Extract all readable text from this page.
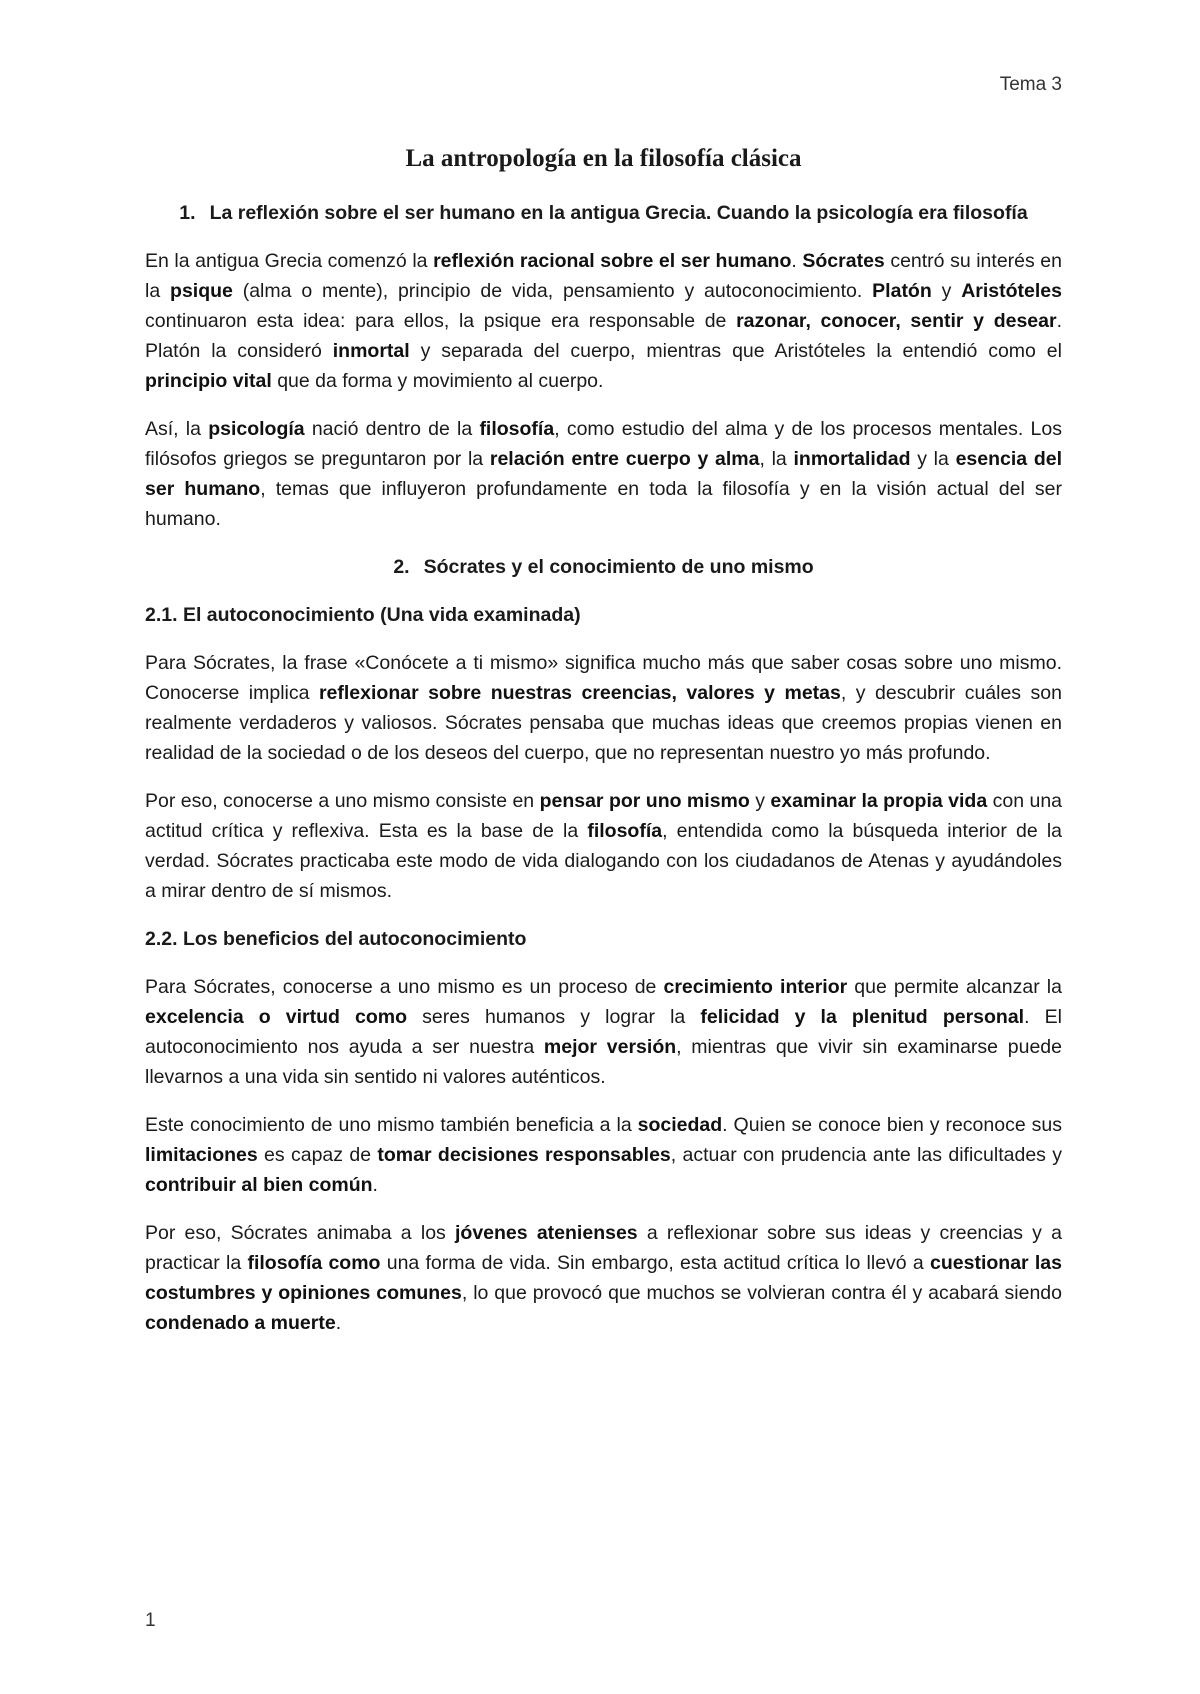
Tema 3
La antropología en la filosofía clásica
1. La reflexión sobre el ser humano en la antigua Grecia. Cuando la psicología era filosofía

En la antigua Grecia comenzó la reflexión racional sobre el ser humano. Sócrates centró su interés en la psique (alma o mente), principio de vida, pensamiento y autoconocimiento. Platón y Aristóteles continuaron esta idea: para ellos, la psique era responsable de razonar, conocer, sentir y desear. Platón la consideró inmortal y separada del cuerpo, mientras que Aristóteles la entendió como el principio vital que da forma y movimiento al cuerpo.

Así, la psicología nació dentro de la filosofía, como estudio del alma y de los procesos mentales. Los filósofos griegos se preguntaron por la relación entre cuerpo y alma, la inmortalidad y la esencia del ser humano, temas que influyeron profundamente en toda la filosofía y en la visión actual del ser humano.

2. Sócrates y el conocimiento de uno mismo
2.1. El autoconocimiento (Una vida examinada)

Para Sócrates, la frase «Conócete a ti mismo» significa mucho más que saber cosas sobre uno mismo. Conocerse implica reflexionar sobre nuestras creencias, valores y metas, y descubrir cuáles son realmente verdaderos y valiosos. Sócrates pensaba que muchas ideas que creemos propias vienen en realidad de la sociedad o de los deseos del cuerpo, que no representan nuestro yo más profundo.

Por eso, conocerse a uno mismo consiste en pensar por uno mismo y examinar la propia vida con una actitud crítica y reflexiva. Esta es la base de la filosofía, entendida como la búsqueda interior de la verdad. Sócrates practicaba este modo de vida dialogando con los ciudadanos de Atenas y ayudándoles a mirar dentro de sí mismos.

2.2. Los beneficios del autoconocimiento

Para Sócrates, conocerse a uno mismo es un proceso de crecimiento interior que permite alcanzar la excelencia o virtud como seres humanos y lograr la felicidad y la plenitud personal. El autoconocimiento nos ayuda a ser nuestra mejor versión, mientras que vivir sin examinarse puede llevarnos a una vida sin sentido ni valores auténticos.

Este conocimiento de uno mismo también beneficia a la sociedad. Quien se conoce bien y reconoce sus limitaciones es capaz de tomar decisiones responsables, actuar con prudencia ante las dificultades y contribuir al bien común.

Por eso, Sócrates animaba a los jóvenes atenienses a reflexionar sobre sus ideas y creencias y a practicar la filosofía como una forma de vida. Sin embargo, esta actitud crítica lo llevó a cuestionar las costumbres y opiniones comunes, lo que provocó que muchos se volvieran contra él y acabará siendo condenado a muerte.

1
